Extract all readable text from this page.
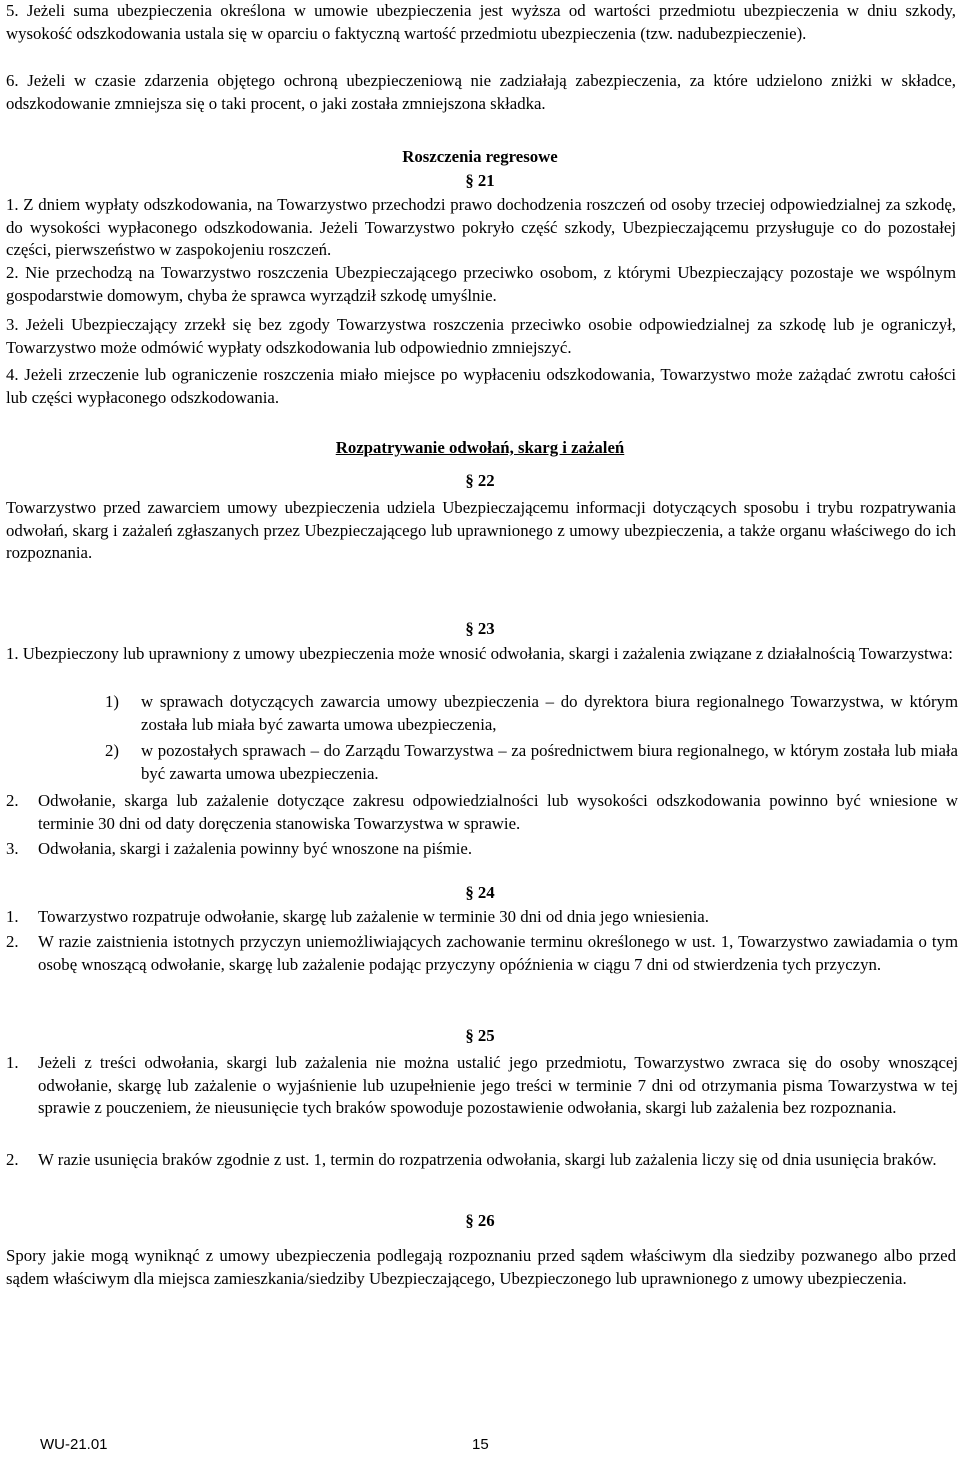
5. Jeżeli suma ubezpieczenia określona w umowie ubezpieczenia jest wyższa od wartości przedmiotu ubezpieczenia w dniu szkody, wysokość odszkodowania ustala się w oparciu o faktyczną wartość przedmiotu ubezpieczenia (tzw. nadubezpieczenie).
6. Jeżeli w czasie zdarzenia objętego ochroną ubezpieczeniową nie zadziałają zabezpieczenia, za które udzielono zniżki w składce, odszkodowanie zmniejsza się o taki procent, o jaki została zmniejszona składka.
Roszczenia regresowe
§ 21
1. Z dniem wypłaty odszkodowania, na Towarzystwo przechodzi prawo dochodzenia roszczeń od osoby trzeciej odpowiedzialnej za szkodę, do wysokości wypłaconego odszkodowania. Jeżeli Towarzystwo pokryło część szkody, Ubezpieczającemu przysługuje co do pozostałej części, pierwszeństwo w zaspokojeniu roszczeń.
2. Nie przechodzą na Towarzystwo roszczenia Ubezpieczającego przeciwko osobom, z którymi Ubezpieczający pozostaje we wspólnym gospodarstwie domowym, chyba że sprawca wyrządził szkodę umyślnie.
3. Jeżeli Ubezpieczający zrzekł się bez zgody Towarzystwa roszczenia przeciwko osobie odpowiedzialnej za szkodę lub je ograniczył, Towarzystwo może odmówić wypłaty odszkodowania lub odpowiednio zmniejszyć.
4. Jeżeli zrzeczenie lub ograniczenie roszczenia miało miejsce po wypłaceniu odszkodowania, Towarzystwo może zażądać zwrotu całości lub części wypłaconego odszkodowania.
Rozpatrywanie odwołań, skarg i zażaleń
§ 22
Towarzystwo przed zawarciem umowy ubezpieczenia udziela Ubezpieczającemu informacji dotyczących sposobu i trybu rozpatrywania odwołań, skarg i zażaleń zgłaszanych przez Ubezpieczającego lub uprawnionego z umowy ubezpieczenia, a także organu właściwego do ich rozpoznania.
§ 23
1. Ubezpieczony lub uprawniony z umowy ubezpieczenia może wnosić odwołania, skargi i zażalenia związane z działalnością Towarzystwa:
1) w sprawach dotyczących zawarcia umowy ubezpieczenia – do dyrektora biura regionalnego Towarzystwa, w którym została lub miała być zawarta umowa ubezpieczenia,
2) w pozostałych sprawach – do Zarządu Towarzystwa – za pośrednictwem biura regionalnego, w którym została lub miała być zawarta umowa ubezpieczenia.
2. Odwołanie, skarga lub zażalenie dotyczące zakresu odpowiedzialności lub wysokości odszkodowania powinno być wniesione w terminie 30 dni od daty doręczenia stanowiska Towarzystwa w sprawie.
3. Odwołania, skargi i zażalenia powinny być wnoszone na piśmie.
§ 24
1. Towarzystwo rozpatruje odwołanie, skargę lub zażalenie w terminie 30 dni od dnia jego wniesienia.
2. W razie zaistnienia istotnych przyczyn uniemożliwiających zachowanie terminu określonego w ust. 1, Towarzystwo zawiadamia o tym osobę wnoszącą odwołanie, skargę lub zażalenie podając przyczyny opóźnienia w ciągu 7 dni od stwierdzenia tych przyczyn.
§ 25
1. Jeżeli z treści odwołania, skargi lub zażalenia nie można ustalić jego przedmiotu, Towarzystwo zwraca się do osoby wnoszącej odwołanie, skargę lub zażalenie o wyjaśnienie lub uzupełnienie jego treści w terminie 7 dni od otrzymania pisma Towarzystwa w tej sprawie z pouczeniem, że nieusunięcie tych braków spowoduje pozostawienie odwołania, skargi lub zażalenia bez rozpoznania.
2. W razie usunięcia braków zgodnie z ust. 1, termin do rozpatrzenia odwołania, skargi lub zażalenia liczy się od dnia usunięcia braków.
§ 26
Spory jakie mogą wyniknąć z umowy ubezpieczenia podlegają rozpoznaniu przed sądem właściwym dla siedziby pozwanego albo przed sądem właściwym dla miejsca zamieszkania/siedziby Ubezpieczającego, Ubezpieczonego lub uprawnionego z umowy ubezpieczenia.
WU-21.01	15
